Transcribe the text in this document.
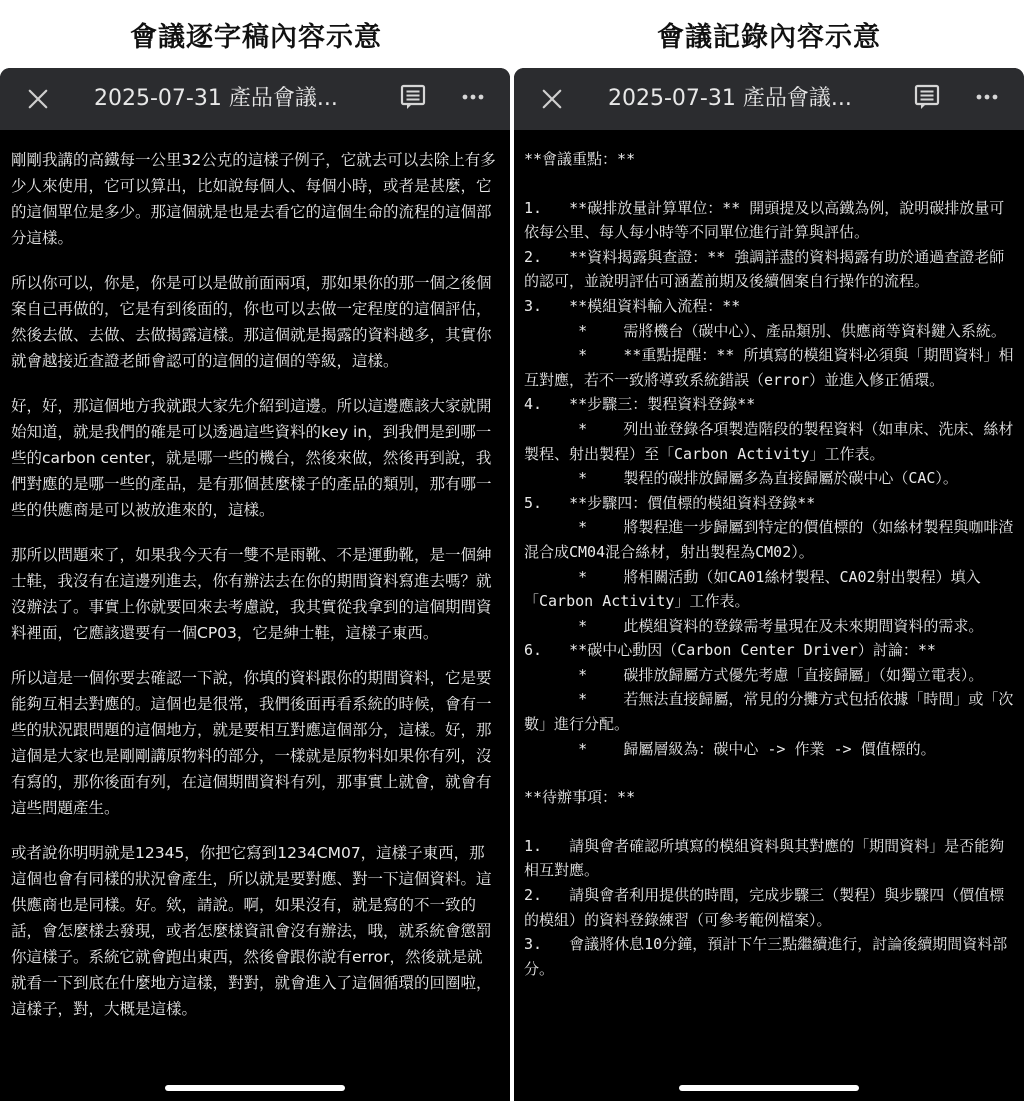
會議逐字稿內容示意	會議記錄內容示意
2025-07-31 產品會議...

剛剛我講的高鐵每一公里32公克的這樣子例子，它就去可以去除上有多少人來使用，它可以算出，比如說每個人、每個小時，或者是甚麼，它的這個單位是多少。那這個就是也是去看它的這個生命的流程的這個部分這樣。

所以你可以，你是，你是可以是做前面兩項，那如果你的那一個之後個案自己再做的，它是有到後面的，你也可以去做一定程度的這個評估，然後去做、去做、去做揭露這樣。那這個就是揭露的資料越多，其實你就會越接近查證老師會認可的這個的這個的等級，這樣。

好，好，那這個地方我就跟大家先介紹到這邊。所以這邊應該大家就開始知道，就是我們的確是可以透過這些資料的key in，到我們是到哪一些的carbon center，就是哪一些的機台，然後來做，然後再到說，我們對應的是哪一些的產品，是有那個甚麼樣子的產品的類別，那有哪一些的供應商是可以被放進來的，這樣。

那所以問題來了，如果我今天有一雙不是雨靴、不是運動靴，是一個紳士鞋，我沒有在這邊列進去，你有辦法去在你的期間資料寫進去嗎？就沒辦法了。事實上你就要回來去考慮說，我其實從我拿到的這個期間資料裡面，它應該還要有一個CP03，它是紳士鞋，這樣子東西。

所以這是一個你要去確認一下說，你填的資料跟你的期間資料，它是要能夠互相去對應的。這個也是很常，我們後面再看系統的時候，會有一些的狀況跟問題的這個地方，就是要相互對應這個部分，這樣。好，那這個是大家也是剛剛講原物料的部分，一樣就是原物料如果你有列，沒有寫的，那你後面有列，在這個期間資料有列，那事實上就會，就會有這些問題產生。

或者說你明明就是12345，你把它寫到1234CM07，這樣子東西，那這個也會有同樣的狀況會產生，所以就是要對應、對一下這個資料。這供應商也是同樣。好。欸，請說。啊，如果沒有，就是寫的不一致的話，會怎麼樣去發現，或者怎麼樣資訊會沒有辦法，哦，就系統會懲罰你這樣子。系統它就會跑出東西，然後會跟你說有error，然後就是就就看一下到底在什麼地方這樣，對對，就會進入了這個循環的回圈啦，這樣子，對，大概是這樣。

2025-07-31 產品會議...
**會議重點：**
1.   **碳排放量計算單位：** 開頭提及以高鐵為例，說明碳排放量可依每公里、每人每小時等不同單位進行計算與評估。
2.   **資料揭露與查證：** 強調詳盡的資料揭露有助於通過查證老師的認可，並說明評估可涵蓋前期及後續個案自行操作的流程。
3.   **模組資料輸入流程：**
*    需將機台（碳中心）、產品類別、供應商等資料鍵入系統。
*    **重點提醒：** 所填寫的模組資料必須與「期間資料」相互對應，若不一致將導致系統錯誤（error）並進入修正循環。
4.   **步驟三：製程資料登錄**
*    列出並登錄各項製造階段的製程資料（如車床、洗床、絲材製程、射出製程）至「Carbon Activity」工作表。
*    製程的碳排放歸屬多為直接歸屬於碳中心（CAC）。
5.   **步驟四：價值標的模組資料登錄**
*    將製程進一步歸屬到特定的價值標的（如絲材製程與咖啡渣混合成CM04混合絲材，射出製程為CM02）。
*    將相關活動（如CA01絲材製程、CA02射出製程）填入「Carbon Activity」工作表。
*    此模組資料的登錄需考量現在及未來期間資料的需求。
6.   **碳中心動因（Carbon Center Driver）討論：**
*    碳排放歸屬方式優先考慮「直接歸屬」（如獨立電表）。
*    若無法直接歸屬，常見的分攤方式包括依據「時間」或「次數」進行分配。
*    歸屬層級為：碳中心 -> 作業 -> 價值標的。
**待辦事項：**
1.   請與會者確認所填寫的模組資料與其對應的「期間資料」是否能夠相互對應。
2.   請與會者利用提供的時間，完成步驟三（製程）與步驟四（價值標的模組）的資料登錄練習（可參考範例檔案）。
3.   會議將休息10分鐘，預計下午三點繼續進行，討論後續期間資料部分。
